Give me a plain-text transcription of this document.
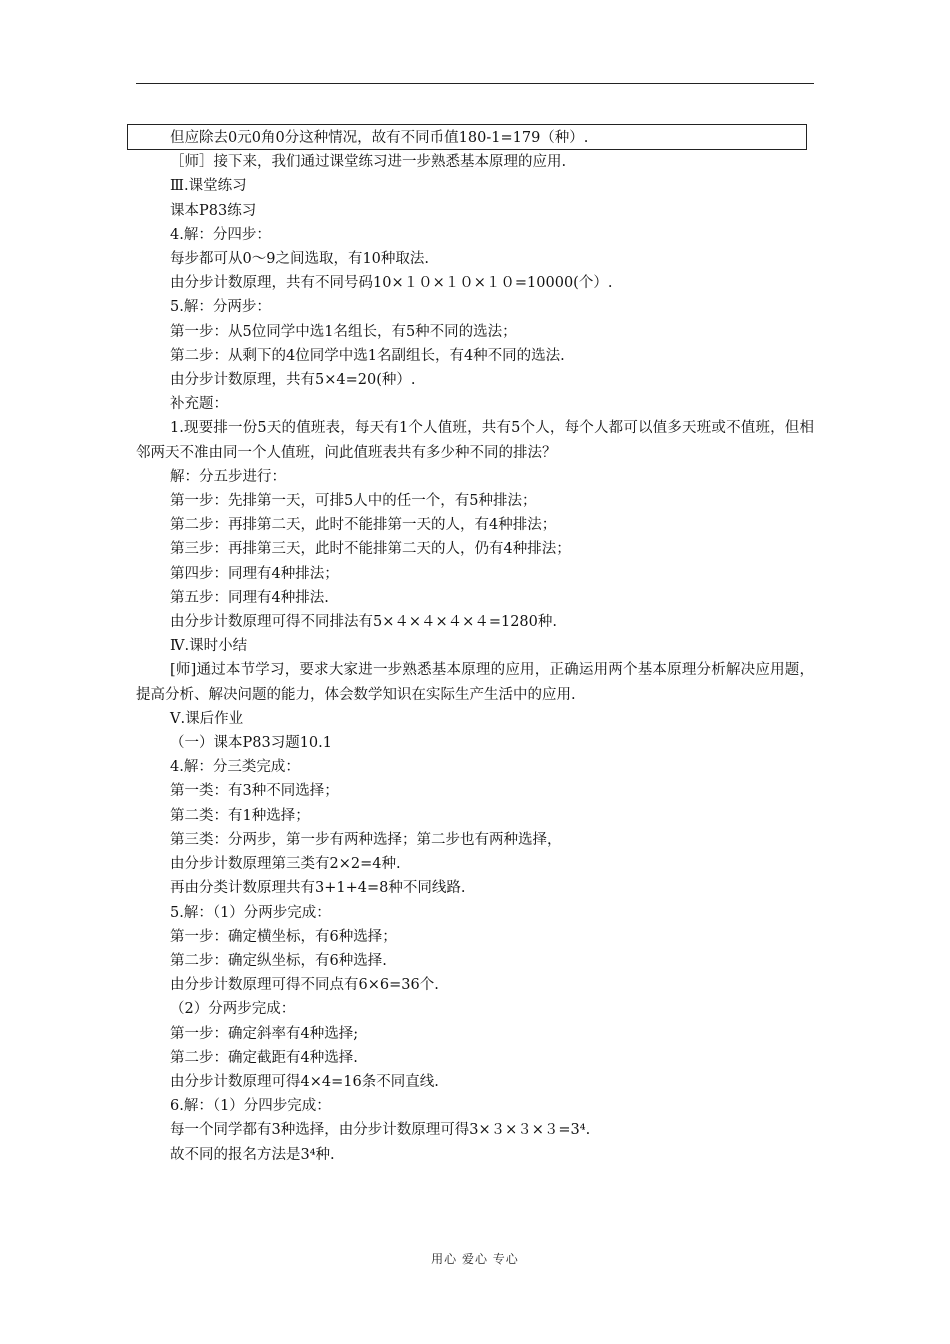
但应除去0元0角0分这种情况，故有不同币值180-1=179（种）.

［师］接下来，我们通过课堂练习进一步熟悉基本原理的应用.

Ⅲ.课堂练习

课本P83练习

4.解：分四步：

每步都可从0～9之间选取，有10种取法.

由分步计数原理，共有不同号码10×１０×１０×１０=10000(个）.

5.解：分两步：

第一步：从5位同学中选1名组长，有5种不同的选法；

第二步：从剩下的4位同学中选1名副组长，有4种不同的选法.

由分步计数原理，共有5×4=20(种）.

补充题：

1.现要排一份5天的值班表，每天有1个人值班，共有5个人，每个人都可以值多天班或不值班，但相邻两天不准由同一个人值班，问此值班表共有多少种不同的排法？

解：分五步进行：

第一步：先排第一天，可排5人中的任一个，有5种排法；

第二步：再排第二天，此时不能排第一天的人，有4种排法；

第三步：再排第三天，此时不能排第二天的人，仍有4种排法；

第四步：同理有4种排法；

第五步：同理有4种排法.

由分步计数原理可得不同排法有5×４×４×４×４=1280种.

Ⅳ.课时小结

[师]通过本节学习，要求大家进一步熟悉基本原理的应用，正确运用两个基本原理分析解决应用题，提高分析、解决问题的能力，体会数学知识在实际生产生活中的应用.

Ⅴ.课后作业

（一）课本P83习题10.1

4.解：分三类完成：

第一类：有3种不同选择；

第二类：有1种选择；

第三类：分两步，第一步有两种选择；第二步也有两种选择，

由分步计数原理第三类有2×2=4种.

再由分类计数原理共有3+1+4=8种不同线路.

5.解：（1）分两步完成：

第一步：确定横坐标，有6种选择；

第二步：确定纵坐标，有6种选择.

由分步计数原理可得不同点有6×6=36个.

（2）分两步完成：

第一步：确定斜率有4种选择;

第二步：确定截距有4种选择.

由分步计数原理可得4×4=16条不同直线.

6.解：（1）分四步完成：

每一个同学都有3种选择，由分步计数原理可得3×３×３×３=3⁴.

故不同的报名方法是3⁴种.

用心 爱心 专心
